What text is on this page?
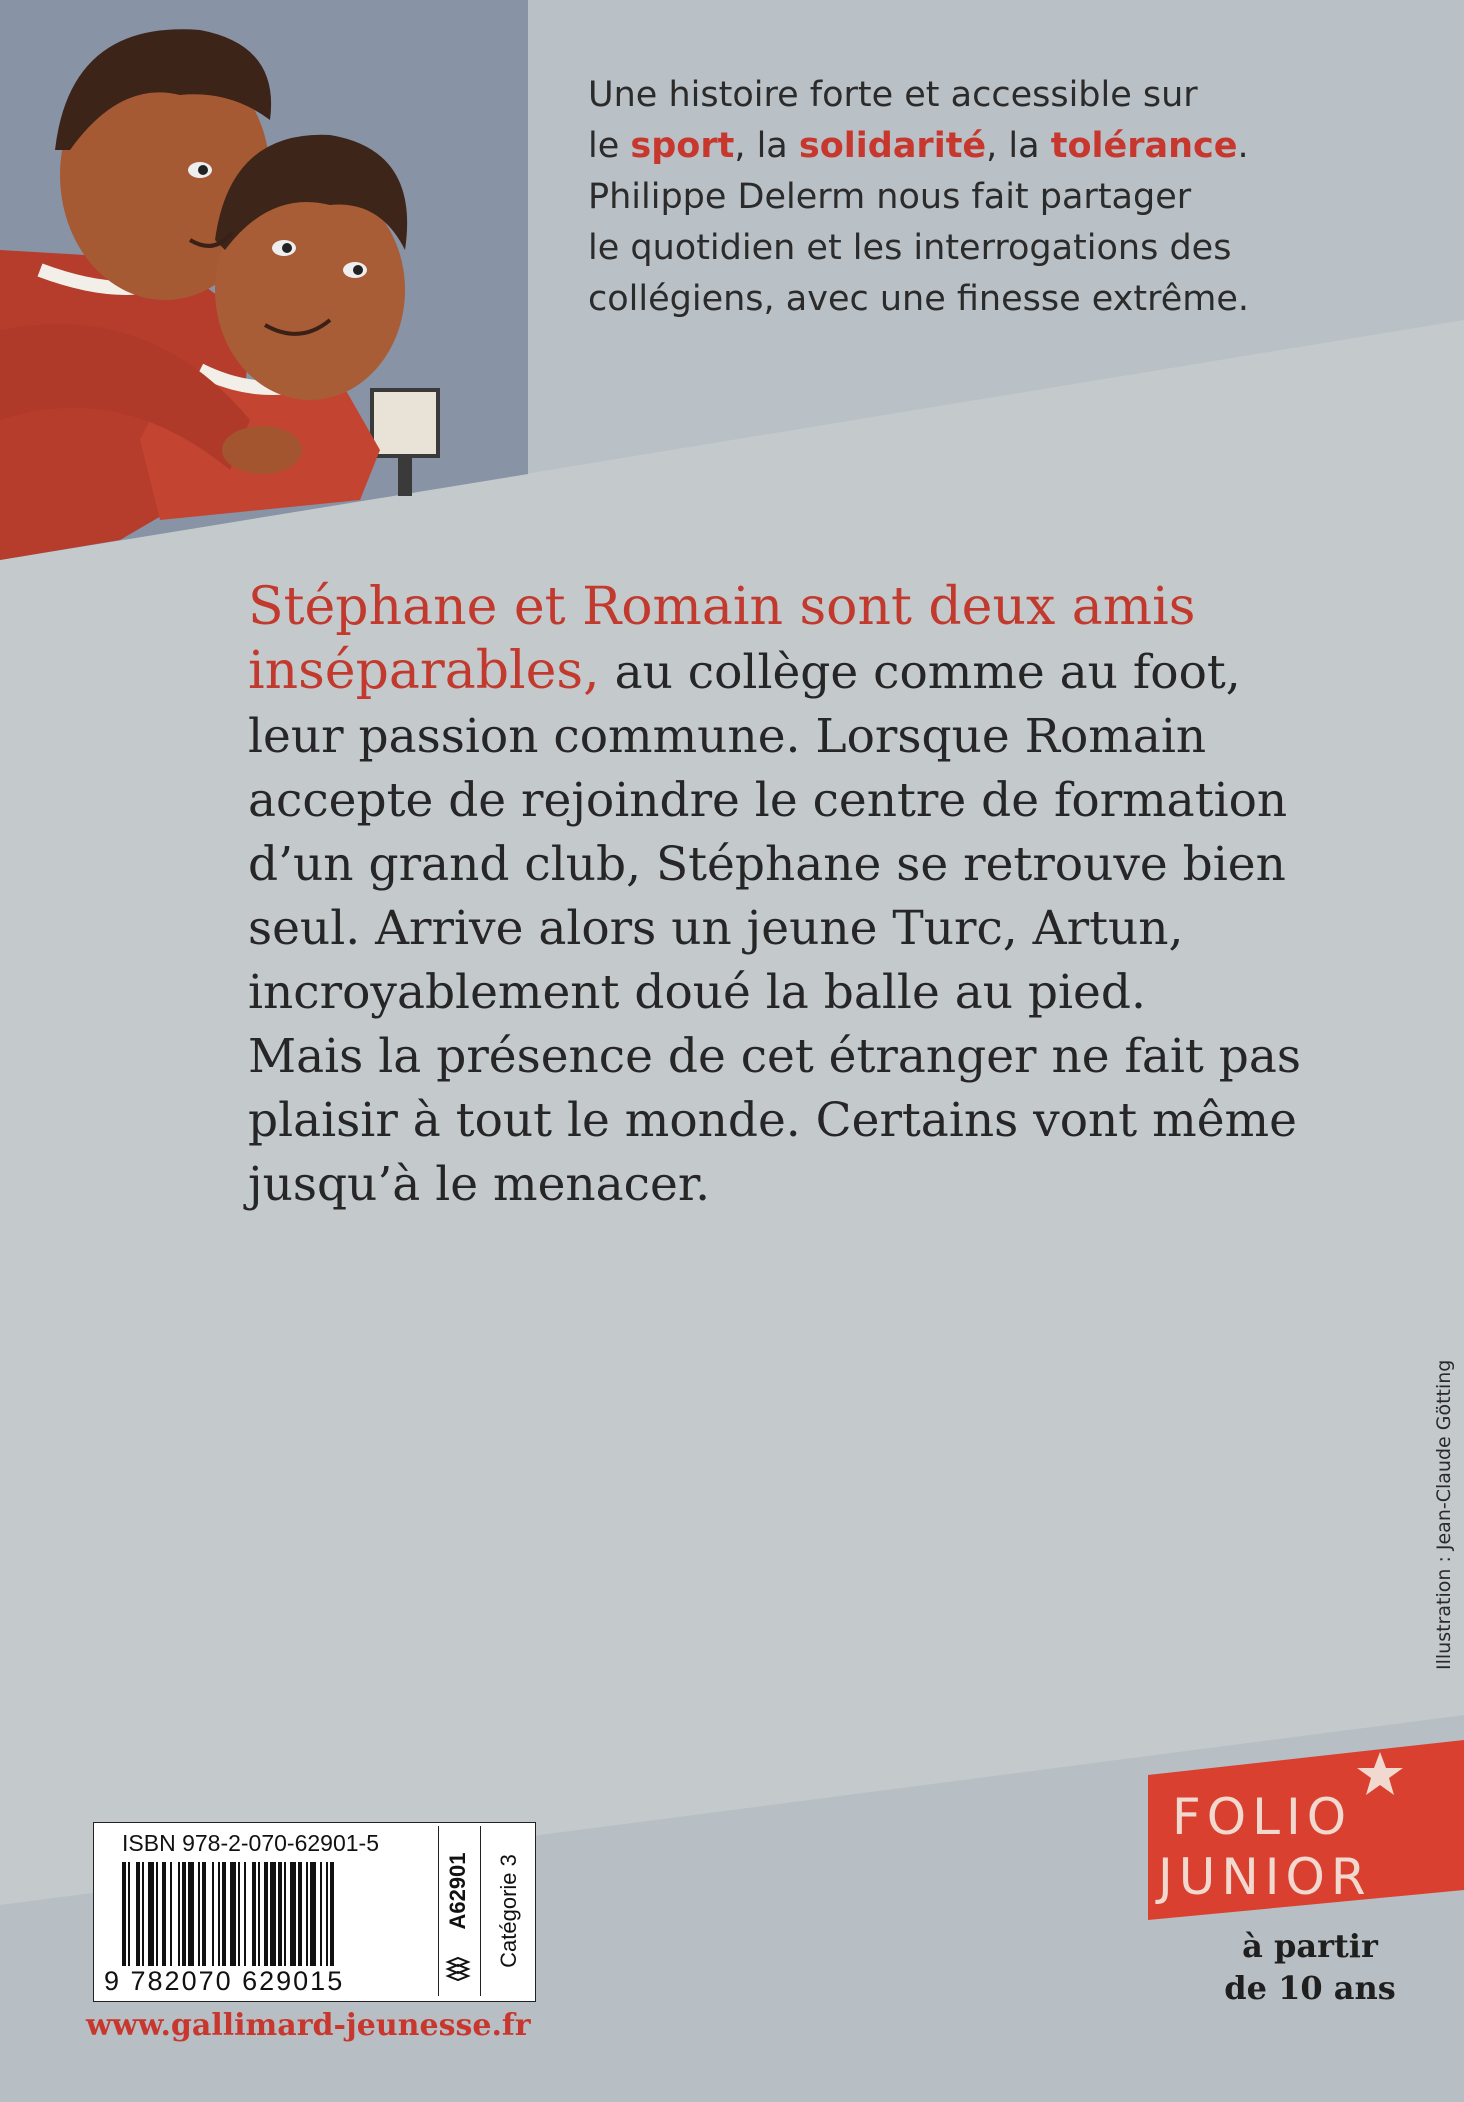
Une histoire forte et accessible sur

le sport, la solidarité, la tolérance.

Philippe Delerm nous fait partager

le quotidien et les interrogations des

collégiens, avec une finesse extrême.

Stéphane et Romain sont deux amis
inséparables, au collège comme au foot,
leur passion commune. Lorsque Romain
accepte de rejoindre le centre de formation
d’un grand club, Stéphane se retrouve bien
seul. Arrive alors un jeune Turc, Artun,
incroyablement doué la balle au pied.
Mais la présence de cet étranger ne fait pas
plaisir à tout le monde. Certains vont même
jusqu’à le menacer.
Illustration : Jean-Claude Götting
ISBN 978-2-070-62901-5
9 782070 629015
A62901 Catégorie 3
www.gallimard-jeunesse.fr
FOLIO
JUNIOR
à partir
de 10 ans
